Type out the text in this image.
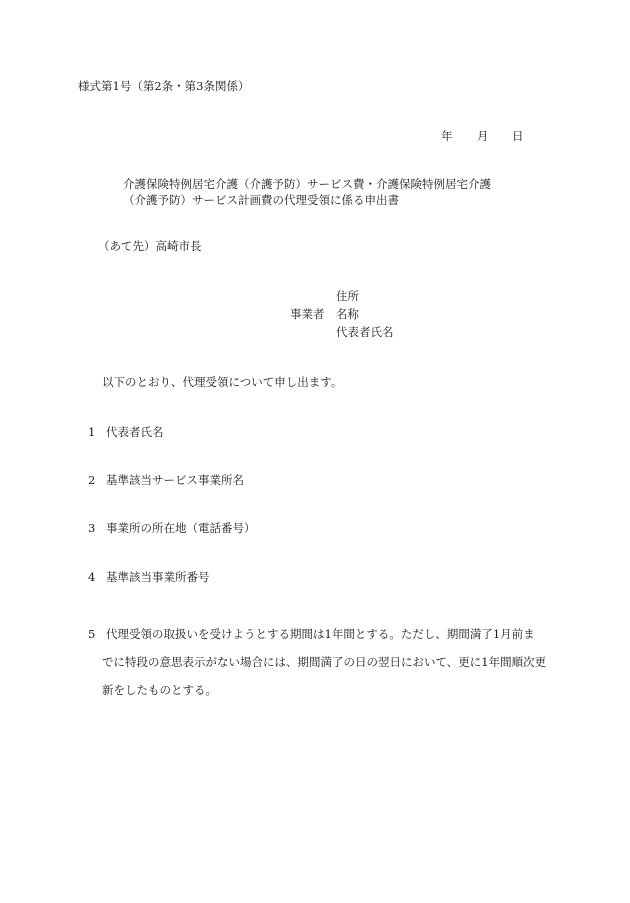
様式第1号（第2条・第3条関係）
年 月 日
介護保険特例居宅介護（介護予防）サービス費・介護保険特例居宅介護
（介護予防）サービス計画費の代理受領に係る申出書
（あて先）高崎市長
住所
事業者 名称
代表者氏名
以下のとおり、代理受領について申し出ます。
1 代表者氏名
2 基準該当サービス事業所名
3 事業所の所在地（電話番号）
4 基準該当事業所番号
5 代理受領の取扱いを受けようとする期間は1年間とする。ただし、期間満了1月前ま
でに特段の意思表示がない場合には、期間満了の日の翌日において、更に1年間順次更
新をしたものとする。
